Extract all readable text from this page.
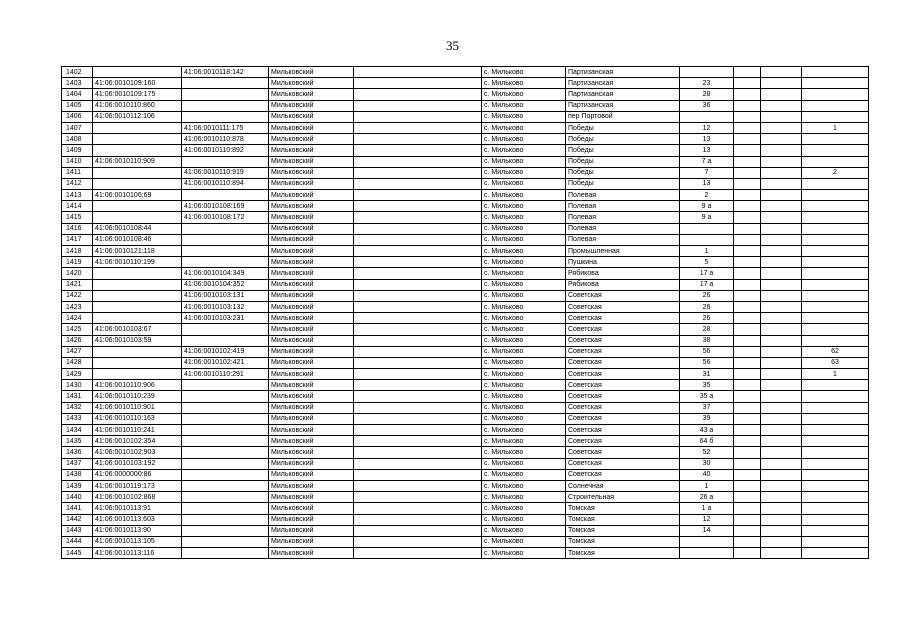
35
1402		41:06:0010118:142	Мильковский		с. Мильково	Партизанская				
1403	41:06:0010109:160		Мильковский		с. Мильково	Партизанская	23			
1404	41:06:0010109:175		Мильковский		с. Мильково	Партизанская	28			
1405	41:06:0010110:860		Мильковский		с. Мильково	Партизанская	36			
1406	41:06:0010112:106		Мильковский		с. Мильково	пер Портовой				
1407		41:06:0010111:175	Мильковский		с. Мильково	Победы	12			1
1408		41:06:0010110:878	Мильковский		с. Мильково	Победы	13			
1409		41:06:0010110:892	Мильковский		с. Мильково	Победы	13			
1410	41:06:0010110:909		Мильковский		с. Мильково	Победы	7 а			
1411		41:06:0010110:919	Мильковский		с. Мильково	Победы	7			2
1412		41:06:0010110:894	Мильковский		с. Мильково	Победы	13			
1413	41:06:0010106:69		Мильковский		с. Мильково	Полевая	2			
1414		41:06:0010108:169	Мильковский		с. Мильково	Полевая	9 а			
1415		41:06:0010108:172	Мильковский		с. Мильково	Полевая	9 а			
1416	41:06:0010108:44		Мильковский		с. Мильково	Полевая				
1417	41:06:0010108:46		Мильковский		с. Мильково	Полевая				
1418	41:06:0010121:118		Мильковский		с. Мильково	Промышленная	1			
1419	41:06:0010110:199		Мильковский		с. Мильково	Пушкина	5			
1420		41:06:0010104:349	Мильковский		с. Мильково	Рябикова	17 а			
1421		41:06:0010104:352	Мильковский		с. Мильково	Рябикова	17 а			
1422		41:06:0010103:131	Мильковский		с. Мильково	Советская	26			
1423		41:06:0010103:132	Мильковский		с. Мильково	Советская	26			
1424		41:06:0010103:231	Мильковский		с. Мильково	Советская	26			
1425	41:06:0010103:67		Мильковский		с. Мильково	Советская	28			
1426	41:06:0010103:59		Мильковский		с. Мильково	Советская	38			
1427		41:06:0010102:419	Мильковский		с. Мильково	Советская	56			62
1428		41:06:0010102:421	Мильковский		с. Мильково	Советская	56			63
1429		41:06:0010110:291	Мильковский		с. Мильково	Советская	31			1
1430	41:06:0010110:906		Мильковский		с. Мильково	Советская	35			
1431	41:06:0010110:239		Мильковский		с. Мильково	Советская	35 а			
1432	41:06:0010110:901		Мильковский		с. Мильково	Советская	37			
1433	41:06:0010110:163		Мильковский		с. Мильково	Советская	39			
1434	41:06:0010110:241		Мильковский		с. Мильково	Советская	43 а			
1435	41:06:0010102:354		Мильковский		с. Мильково	Советская	64 б			
1436	41:06:0010102:903		Мильковский		с. Мильково	Советская	52			
1437	41:06:0010103:192		Мильковский		с. Мильково	Советская	30			
1438	41:06:0000000:86		Мильковский		с. Мильково	Советская	40			
1439	41:06:0010119:173		Мильковский		с. Мильково	Солнечная	1			
1440	41:06:0010102:868		Мильковский		с. Мильково	Строительная	26 а			
1441	41:06:0010113:91		Мильковский		с. Мильково	Томская	1 а			
1442	41:06:0010113:603		Мильковский		с. Мильково	Томская	12			
1443	41:06:0010113:90		Мильковский		с. Мильково	Томская	14			
1444	41:06:0010113:105		Мильковский		с. Мильково	Томская				
1445	41:06:0010113:116		Мильковский		с. Мильково	Томская				
